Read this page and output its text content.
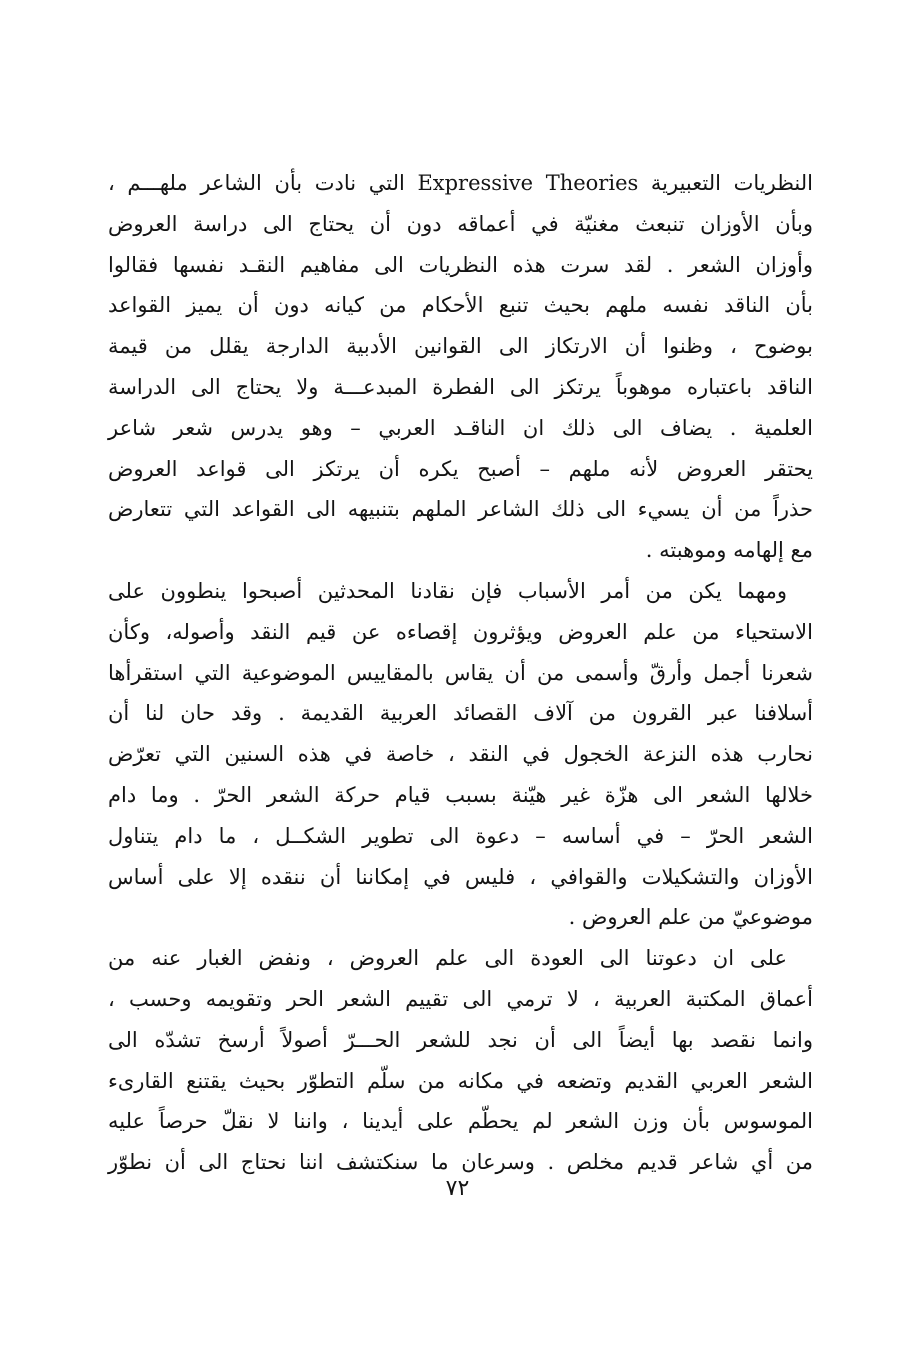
النظريات التعبيرية Expressive Theories التي نادت بأن الشاعر ملهـــم ،
وبأن الأوزان تنبعث مغنيّة في أعماقه دون أن يحتاج الى دراسة العروض
وأوزان الشعر . لقد سرت هذه النظريات الى مفاهيم النقـد نفسها فقالوا
بأن الناقد نفسه ملهم بحيث تنبع الأحكام من كيانه دون أن يميز القواعد
بوضوح ، وظنوا أن الارتكاز الى القوانين الأدبية الدارجة يقلل من قيمة
الناقد باعتباره موهوباً يرتكز الى الفطرة المبدعـــة ولا يحتاج الى الدراسة
العلمية . يضاف الى ذلك ان الناقـد العربي – وهو يدرس شعر شاعر
يحتقر العروض لأنه ملهم – أصبح يكره أن يرتكز الى قواعد العروض
حذراً من أن يسيء الى ذلك الشاعر الملهم بتنبيهه الى القواعد التي تتعارض
مع إلهامه وموهبته .
ومهما يكن من أمر الأسباب فإن نقادنا المحدثين أصبحوا ينطوون على
الاستحياء من علم العروض ويؤثرون إقصاءه عن قيم النقد وأصوله، وكأن
شعرنا أجمل وأرقّ وأسمى من أن يقاس بالمقاييس الموضوعية التي استقرأها
أسلافنا عبر القرون من آلاف القصائد العربية القديمة . وقد حان لنا أن
نحارب هذه النزعة الخجول في النقد ، خاصة في هذه السنين التي تعرّض
خلالها الشعر الى هزّة غير هيّنة بسبب قيام حركة الشعر الحرّ . وما دام
الشعر الحرّ – في أساسه – دعوة الى تطوير الشكــل ، ما دام يتناول
الأوزان والتشكيلات والقوافي ، فليس في إمكاننا أن ننقده إلا على أساس
موضوعيّ من علم العروض .
على ان دعوتنا الى العودة الى علم العروض ، ونفض الغبار عنه من
أعماق المكتبة العربية ، لا ترمي الى تقييم الشعر الحر وتقويمه وحسب ،
وانما نقصد بها أيضاً الى أن نجد للشعر الحـــرّ أصولاً أرسخ تشدّه الى
الشعر العربي القديم وتضعه في مكانه من سلّم التطوّر بحيث يقتنع القارىء
الموسوس بأن وزن الشعر لم يحطّم على أيدينا ، واننا لا نقلّ حرصاً عليه
من أي شاعر قديم مخلص . وسرعان ما سنكتشف اننا نحتاج الى أن نطوّر
٧٢
